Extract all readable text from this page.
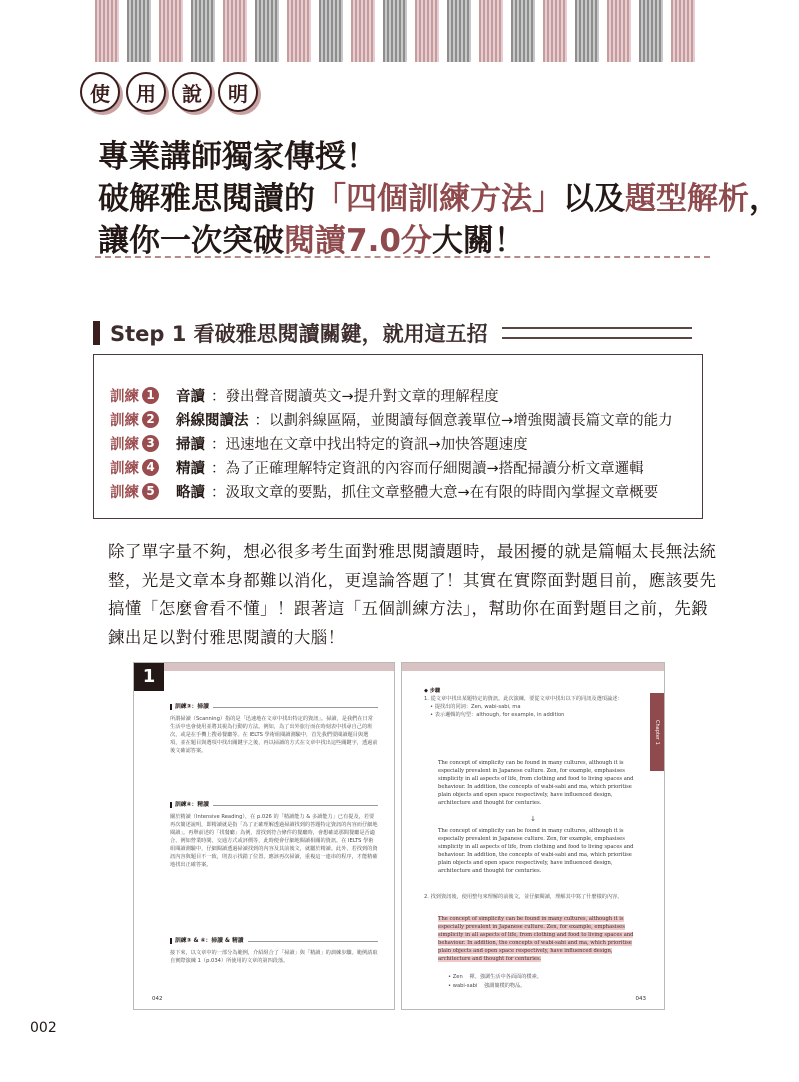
使	用	說	明
專業講師獨家傳授！
破解雅思閱讀的「四個訓練方法」以及題型解析，
讓你一次突破閱讀7.0分大關！
Step 1 看破雅思閱讀關鍵，就用這五招
訓練 1 音讀 ：發出聲音閱讀英文→提升對文章的理解程度
訓練 2 斜線閱讀法 ：以劃斜線區隔，並閱讀每個意義單位→增強閱讀長篇文章的能力
訓練 3 掃讀 ：迅速地在文章中找出特定的資訊→加快答題速度
訓練 4 精讀 ：為了正確理解特定資訊的內容而仔細閱讀→搭配掃讀分析文章邏輯
訓練 5 略讀 ：汲取文章的要點，抓住文章整體大意→在有限的時間內掌握文章概要
除了單字量不夠，想必很多考生面對雅思閱讀題時，最困擾的就是篇幅太長無法統整，光是文章本身都難以消化，更遑論答題了！其實在實際面對題目前，應該要先搞懂「怎麼會看不懂」！跟著這「五個訓練方法」，幫助你在面對題目之前，先鍛鍊出足以對付雅思閱讀的大腦！
1
訓練③：掃讀
所謂掃讀（Scanning）指的是「迅速地在文章中找出特定的資訊」。掃讀，是我們在日常生活中也會使用並將其視為行動的方法。例如，為了出外旅行而在時刻表中找尋自己的班次，或是在手機上搜尋餐廳等。在 IELTS 學術組閱讀測驗中，首先我們要閱讀題目與選項，並在題目與選項中找出關鍵字之後，再以掃讀的方式在文章中找出這些關鍵字，透過前後文確認答案。
訓練④：精讀
關於精讀（Intensive Reading），在 p.026 的「精讀能力 & 多讀能力」已有提及，若要再次簡述說明，即精讀就是指「為了正確理解透過掃讀找到的答題特定資訊的內容而仔細地閱讀」。再舉前述的「找餐廳」為例，當找到符合條件的餐廳時，會想確認那間餐廳是否適合，例如營業時間、交通方式或評價等，此時便會仔細地閱讀相關的資訊。在 IELTS 學術組閱讀測驗中，仔細閱讀透過掃讀找到的內容及其前後文，就屬於精讀。此外，若找到的資訊內容與題目不一致，則表示找錯了位置，應該再次掃讀，重複這一連串的程序，才能精確地找出正確答案。
訓練③ & ④：掃讀 & 精讀
接下來，以文章中的一部分為範例，介紹組合了「掃讀」與「精讀」的訓練步驟。範例請取自實際演練 1（p.034）所使用的文章的第四段落。
042
Chapter 1
◆ 步驟
1. 從文章中找出某題特定的資訊。此次演練，要從文章中找出以下的同訊及選項論述：
• 提找出的同詞：Zen, wabi-sabi, ma
• 表示邏輯的句型：although, for example, in addition
The concept of simplicity can be found in many cultures, although it is especially prevalent in Japanese culture. Zen, for example, emphasises simplicity in all aspects of life, from clothing and food to living spaces and behaviour. In addition, the concepts of wabi-sabi and ma, which prioritise plain objects and open space respectively, have influenced design, architecture and thought for centuries.
↓
The concept of simplicity can be found in many cultures, although it is especially prevalent in Japanese culture. Zen, for example, emphasises simplicity in all aspects of life, from clothing and food to living spaces and behaviour. In addition, the concepts of wabi-sabi and ma, which prioritise plain objects and open space respectively, have influenced design, architecture and thought for centuries.
2. 找到資訊後，使用整句來理解的前後文，並仔細閱讀，理解其中寫了什麼樣的內容。
The concept of simplicity can be found in many cultures, although it is especially prevalent in Japanese culture. Zen, for example, emphasises simplicity in all aspects of life, from clothing and food to living spaces and behaviour. In addition, the concepts of wabi-sabi and ma, which prioritise plain objects and open space respectively, have influenced design, architecture and thought for centuries.
• Zen 禪。強調生活中各面面的樸素。
• wabi-sabi 強調簡樸的物品。
043
002
